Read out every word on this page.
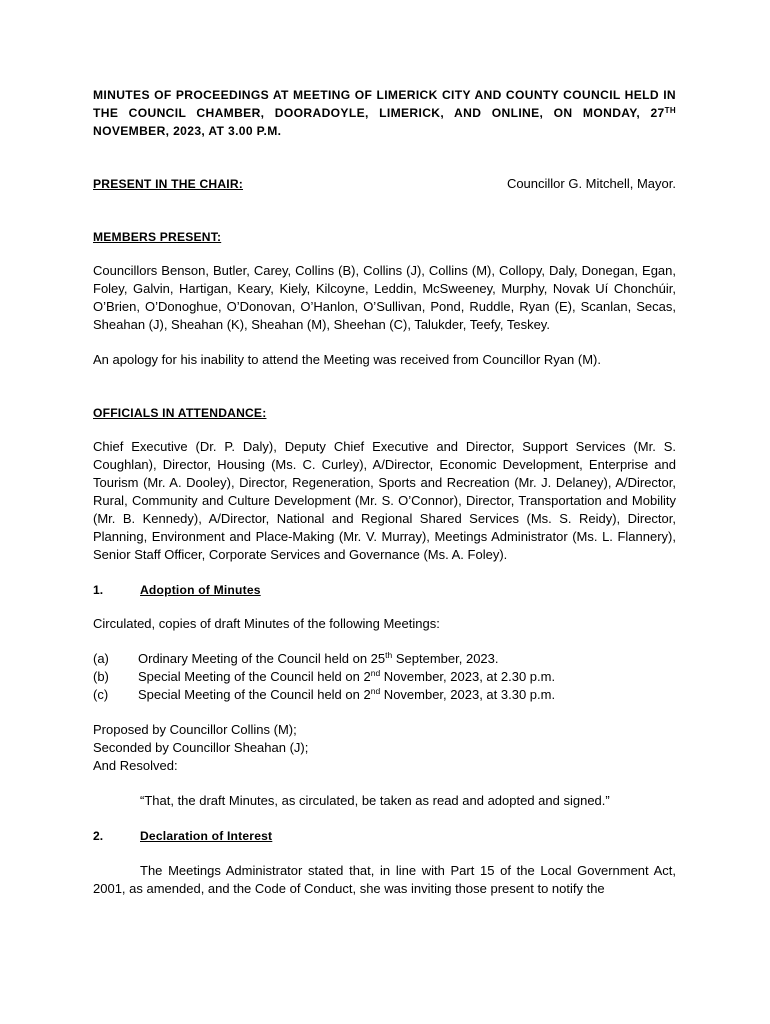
MINUTES OF PROCEEDINGS AT MEETING OF LIMERICK CITY AND COUNTY COUNCIL HELD IN THE COUNCIL CHAMBER, DOORADOYLE, LIMERICK, AND ONLINE, ON MONDAY, 27TH NOVEMBER, 2023, AT 3.00 P.M.

PRESENT IN THE CHAIR:	Councillor G. Mitchell, Mayor.

MEMBERS PRESENT:

Councillors Benson, Butler, Carey, Collins (B), Collins (J), Collins (M), Collopy, Daly, Donegan, Egan, Foley, Galvin, Hartigan, Keary, Kiely, Kilcoyne, Leddin, McSweeney, Murphy, Novak Uí Chonchúir, O’Brien, O’Donoghue, O’Donovan, O’Hanlon, O’Sullivan, Pond, Ruddle, Ryan (E), Scanlan, Secas, Sheahan (J), Sheahan (K), Sheahan (M), Sheehan (C), Talukder, Teefy, Teskey.

An apology for his inability to attend the Meeting was received from Councillor Ryan (M).

OFFICIALS IN ATTENDANCE:

Chief Executive (Dr. P. Daly), Deputy Chief Executive and Director, Support Services (Mr. S. Coughlan), Director, Housing (Ms. C. Curley), A/Director, Economic Development, Enterprise and Tourism (Mr. A. Dooley), Director, Regeneration, Sports and Recreation (Mr. J. Delaney), A/Director, Rural, Community and Culture Development (Mr. S. O’Connor), Director, Transportation and Mobility (Mr. B. Kennedy), A/Director, National and Regional Shared Services (Ms. S. Reidy), Director, Planning, Environment and Place-Making (Mr. V. Murray), Meetings Administrator (Ms. L. Flannery), Senior Staff Officer, Corporate Services and Governance (Ms. A. Foley).

1.	Adoption of Minutes

Circulated, copies of draft Minutes of the following Meetings:

(a)	Ordinary Meeting of the Council held on 25th September, 2023.
(b)	Special Meeting of the Council held on 2nd November, 2023, at 2.30 p.m.
(c)	Special Meeting of the Council held on 2nd November, 2023, at 3.30 p.m.

Proposed by Councillor Collins (M);

Seconded by Councillor Sheahan (J);

And Resolved:

“That, the draft Minutes, as circulated, be taken as read and adopted and signed.”

2.	Declaration of Interest

The Meetings Administrator stated that, in line with Part 15 of the Local Government Act, 2001, as amended, and the Code of Conduct, she was inviting those present to notify the
